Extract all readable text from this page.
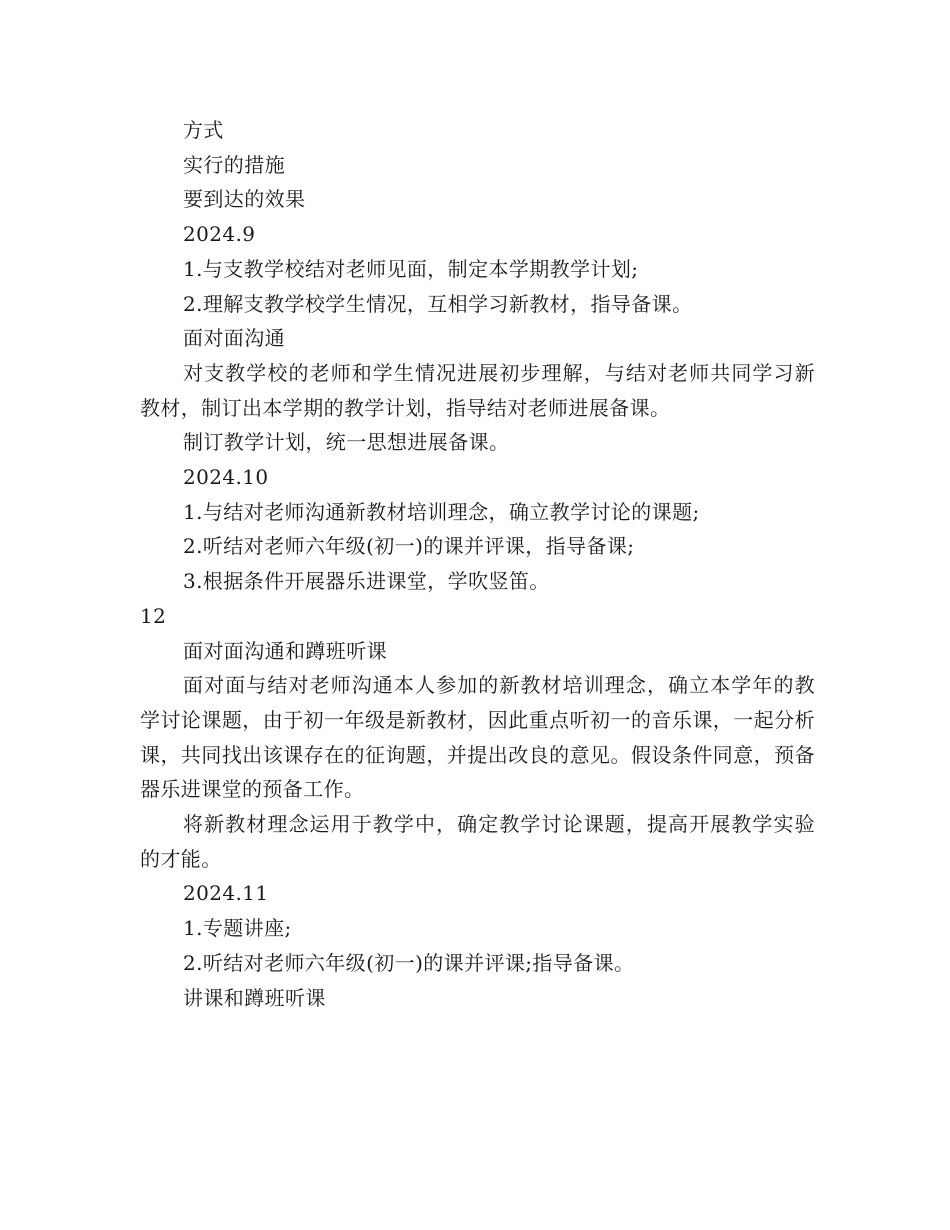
方式
实行的措施
要到达的效果
2024.9
1.与支教学校结对老师见面，制定本学期教学计划;
2.理解支教学校学生情况，互相学习新教材，指导备课。
面对面沟通

对支教学校的老师和学生情况进展初步理解，与结对老师共同学习新教材，制订出本学期的教学计划，指导结对老师进展备课。

制订教学计划，统一思想进展备课。
2024.10
1.与结对老师沟通新教材培训理念，确立教学讨论的课题;
2.听结对老师六年级(初一)的课并评课，指导备课;
3.根据条件开展器乐进课堂，学吹竖笛。
12
面对面沟通和蹲班听课

面对面与结对老师沟通本人参加的新教材培训理念，确立本学年的教学讨论课题，由于初一年级是新教材，因此重点听初一的音乐课，一起分析课，共同找出该课存在的征询题，并提出改良的意见。假设条件同意，预备器乐进课堂的预备工作。

将新教材理念运用于教学中，确定教学讨论课题，提高开展教学实验的才能。

2024.11
1.专题讲座;
2.听结对老师六年级(初一)的课并评课;指导备课。
讲课和蹲班听课
